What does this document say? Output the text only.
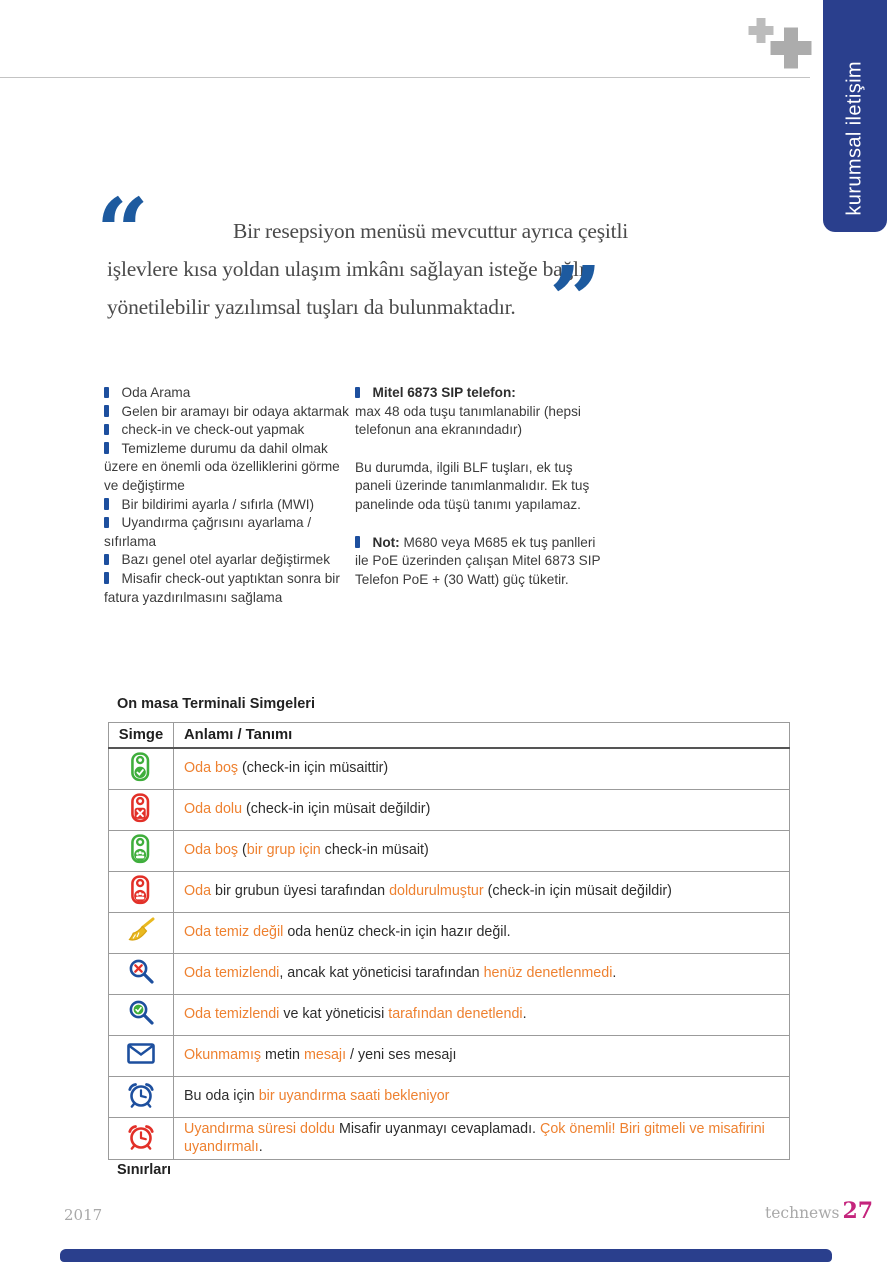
kurumsal iletişim
“	Bir resepsiyon menüsü mevcuttur ayrıca çeşitli işlevlere kısa yoldan ulaşım imkânı sağlayan isteğe bağlı yönetilebilir yazılımsal tuşları da bulunmaktadır. ”
Oda Arama
Gelen bir aramayı bir odaya aktarmak
check-in ve check-out yapmak
Temizleme durumu da dahil olmak üzere en önemli oda özelliklerini görme ve değiştirme
Bir bildirimi ayarla / sıfırla (MWI)
Uyandırma çağrısını ayarlama / sıfırlama
Bazı genel otel ayarlar değiştirmek
Misafir check-out yaptıktan sonra bir fatura yazdırılmasını sağlama
Mitel 6873 SIP telefon:
max 48 oda tuşu tanımlanabilir (hepsi telefonun ana ekranındadır)
Bu durumda, ilgili BLF tuşları, ek tuş paneli üzerinde tanımlanmalıdır. Ek tuş panelinde oda tüşü tanımı yapılamaz.
Not: M680 veya M685 ek tuş panlleri ile PoE üzerinden çalışan Mitel 6873 SIP Telefon PoE + (30 Watt) güç tüketir.
On masa Terminali Simgeleri
Simge	Anlamı / Tanımı
	Oda boş (check-in için müsaittir)
	Oda dolu (check-in için müsait değildir)
	Oda boş (bir grup için check-in müsait)
	Oda bir grubun üyesi tarafından doldurulmuştur (check-in için müsait değildir)
	Oda temiz değil oda henüz check-in için hazır değil.
	Oda temizlendi, ancak kat yöneticisi tarafından henüz denetlenmedi.
	Oda temizlendi ve kat yöneticisi tarafından denetlendi.
	Okunmamış metin mesajı / yeni ses mesajı
	Bu oda için bir uyandırma saati bekleniyor
	Uyandırma süresi doldu Misafir uyanmayı cevaplamadı. Çok önemli! Biri gitmeli ve misafirini uyandırmalı.
Sınırları
2017	technews 27
